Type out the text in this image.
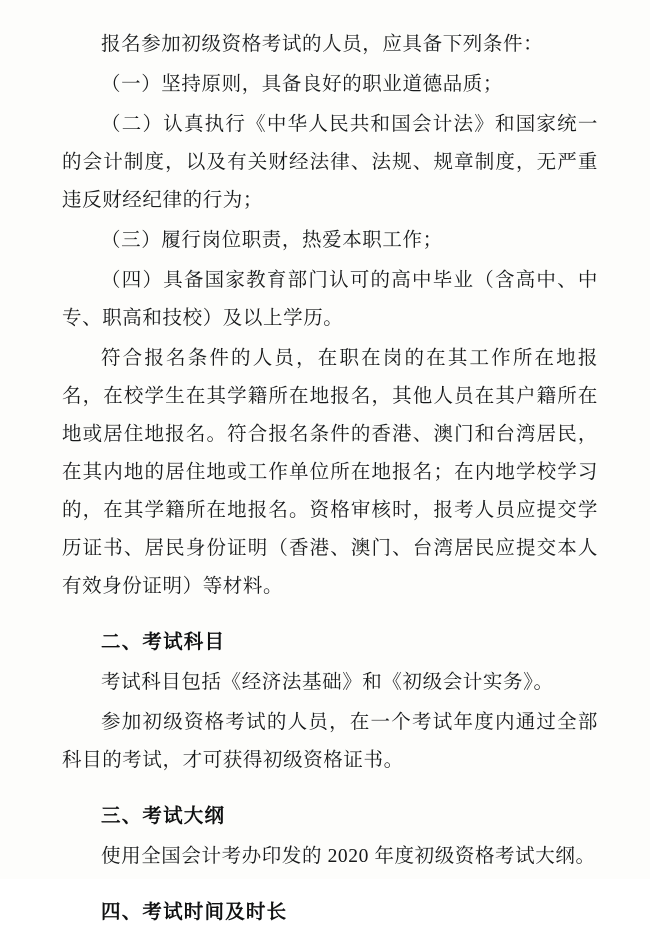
报名参加初级资格考试的人员，应具备下列条件：

（一）坚持原则，具备良好的职业道德品质；

（二）认真执行《中华人民共和国会计法》和国家统一的会计制度，以及有关财经法律、法规、规章制度，无严重违反财经纪律的行为；

（三）履行岗位职责，热爱本职工作；

（四）具备国家教育部门认可的高中毕业（含高中、中专、职高和技校）及以上学历。

符合报名条件的人员，在职在岗的在其工作所在地报名，在校学生在其学籍所在地报名，其他人员在其户籍所在地或居住地报名。符合报名条件的香港、澳门和台湾居民，在其内地的居住地或工作单位所在地报名；在内地学校学习的，在其学籍所在地报名。资格审核时，报考人员应提交学历证书、居民身份证明（香港、澳门、台湾居民应提交本人有效身份证明）等材料。

二、考试科目

考试科目包括《经济法基础》和《初级会计实务》。

参加初级资格考试的人员，在一个考试年度内通过全部科目的考试，才可获得初级资格证书。

三、考试大纲

使用全国会计考办印发的 2020 年度初级资格考试大纲。

四、考试时间及时长
